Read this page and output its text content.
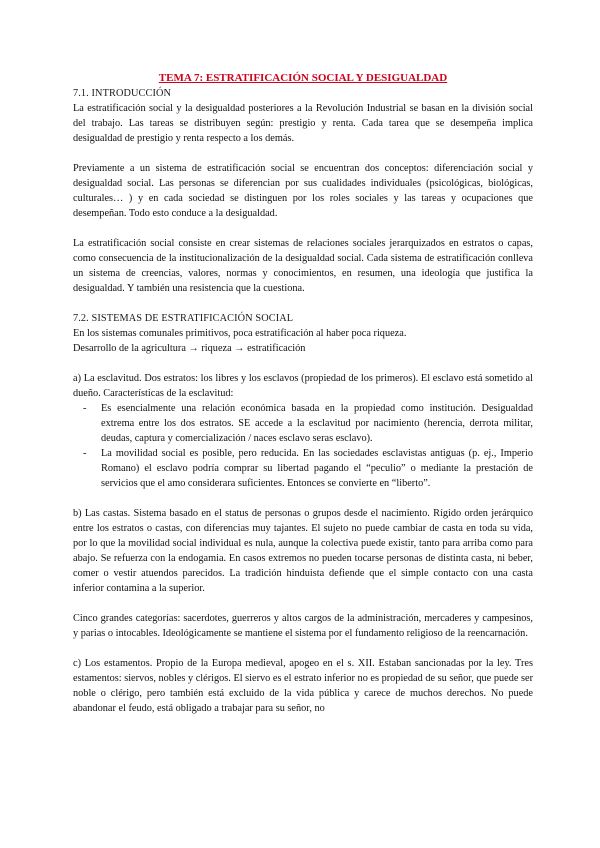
TEMA 7: ESTRATIFICACIÓN SOCIAL Y DESIGUALDAD
7.1. INTRODUCCIÓN

La estratificación social y la desigualdad posteriores a la Revolución Industrial se basan en la división social del trabajo. Las tareas se distribuyen según: prestigio y renta. Cada tarea que se desempeña implica desigualdad de prestigio y renta respecto a los demás.

Previamente a un sistema de estratificación social se encuentran dos conceptos: diferenciación social y desigualdad social. Las personas se diferencian por sus cualidades individuales (psicológicas, biológicas, culturales… ) y en cada sociedad se distinguen por los roles sociales y las tareas y ocupaciones que desempeñan. Todo esto conduce a la desigualdad.

La estratificación social consiste en crear sistemas de relaciones sociales jerarquizados en estratos o capas, como consecuencia de la institucionalización de la desigualdad social. Cada sistema de estratificación conlleva un sistema de creencias, valores, normas y conocimientos, en resumen, una ideología que justifica la desigualdad. Y también una resistencia que la cuestiona.

7.2. SISTEMAS DE ESTRATIFICACIÓN SOCIAL

En los sistemas comunales primitivos, poca estratificación al haber poca riqueza.

Desarrollo de la agricultura → riqueza → estratificación

a) La esclavitud. Dos estratos: los libres y los esclavos (propiedad de los primeros). El esclavo está sometido al dueño. Características de la esclavitud:

- Es esencialmente una relación económica basada en la propiedad como institución. Desigualdad extrema entre los dos estratos. SE accede a la esclavitud por nacimiento (herencia, derrota militar, deudas, captura y comercialización / naces esclavo seras esclavo).
- La movilidad social es posible, pero reducida. En las sociedades esclavistas antiguas (p. ej., Imperio Romano) el esclavo podría comprar su libertad pagando el “peculio” o mediante la prestación de servicios que el amo considerara suficientes. Entonces se convierte en “liberto”.

b) Las castas. Sistema basado en el status de personas o grupos desde el nacimiento. Rígido orden jerárquico entre los estratos o castas, con diferencias muy tajantes. El sujeto no puede cambiar de casta en toda su vida, por lo que la movilidad social individual es nula, aunque la colectiva puede existir, tanto para arriba como para abajo. Se refuerza con la endogamia. En casos extremos no pueden tocarse personas de distinta casta, ni beber, comer o vestir atuendos parecidos. La tradición hinduista defiende que el simple contacto con una casta inferior contamina a la superior.

Cinco grandes categorías: sacerdotes, guerreros y altos cargos de la administración, mercaderes y campesinos, y parias o intocables. Ideológicamente se mantiene el sistema por el fundamento religioso de la reencarnación.

c) Los estamentos. Propio de la Europa medieval, apogeo en el s. XII. Estaban sancionadas por la ley. Tres estamentos: siervos, nobles y clérigos. El siervo es el estrato inferior no es propiedad de su señor, que puede ser noble o clérigo, pero también está excluido de la vida pública y carece de muchos derechos. No puede abandonar el feudo, está obligado a trabajar para su señor, no
